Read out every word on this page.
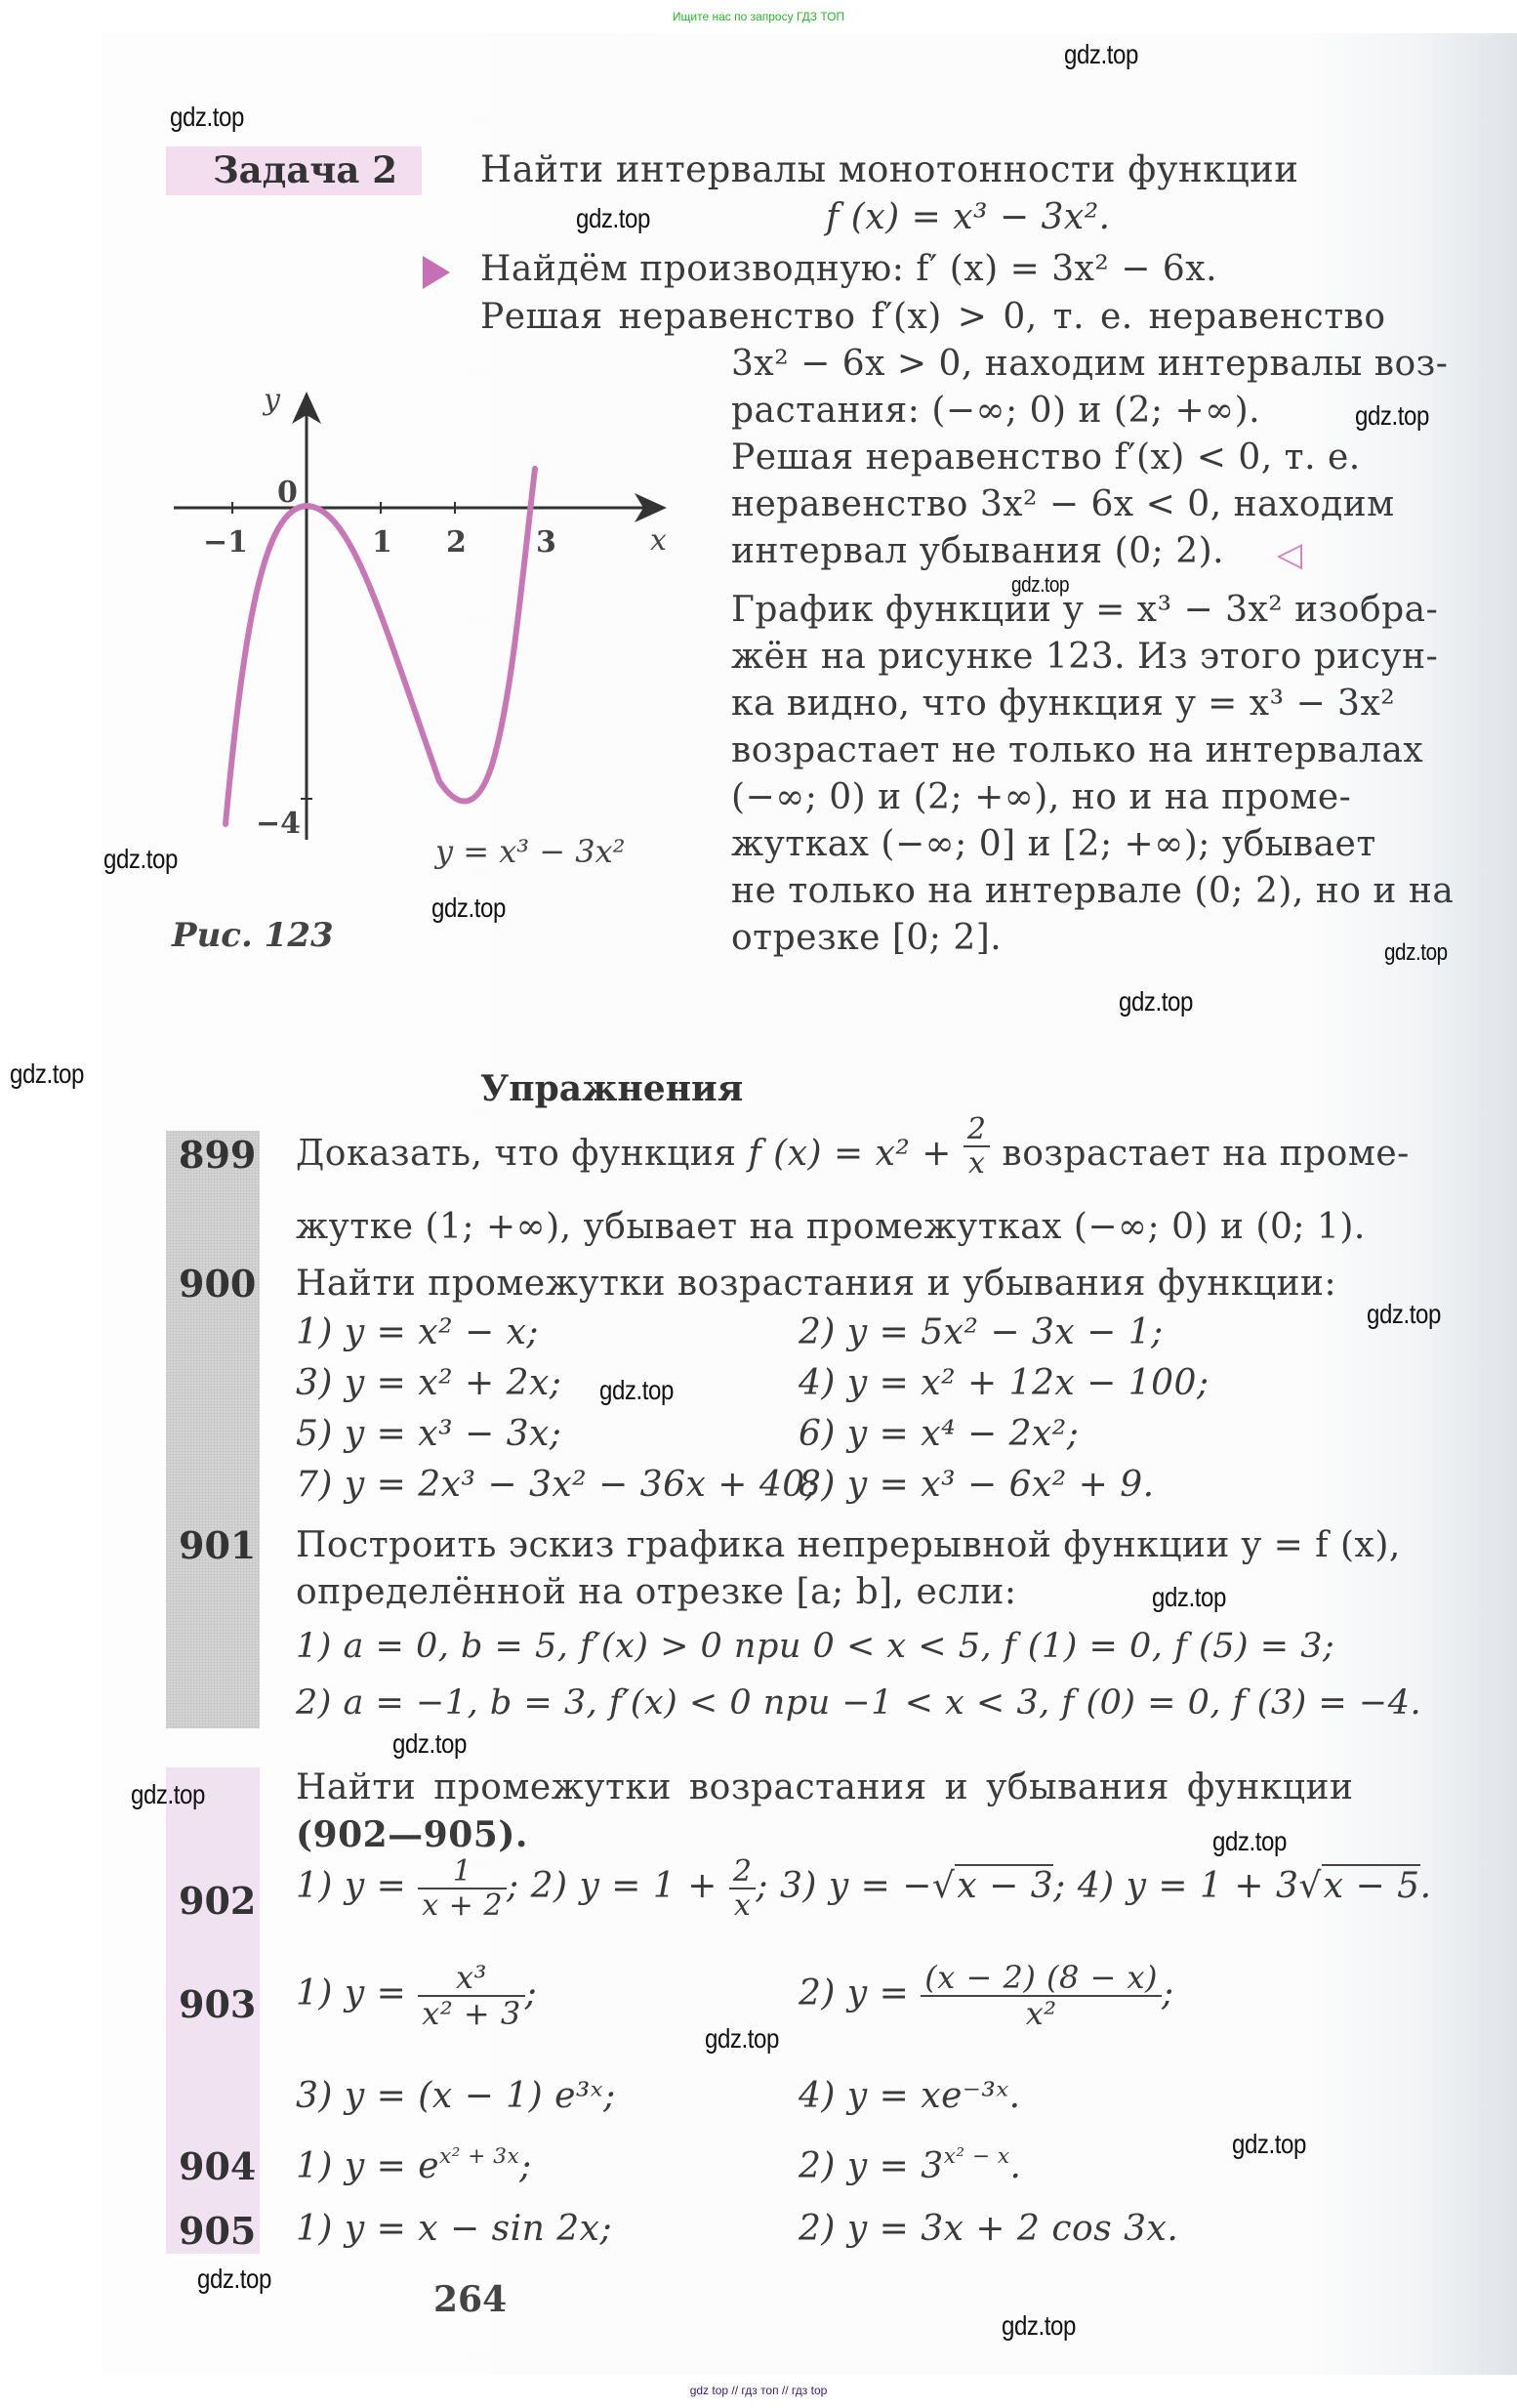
Ищите нас по запросу ГДЗ ТОП
Задача 2 Найти интервалы монотонности функции
f (x) = x³ − 3x².
Найдём производную: f′ (x) = 3x² − 6x.
Решая неравенство f′(x) > 0, т. е. неравенство
3x² − 6x > 0, находим интервалы воз-
растания: (−∞; 0) и (2; +∞).
Решая неравенство f′(x) < 0, т. е.
неравенство 3x² − 6x < 0, находим
интервал убывания (0; 2). ◁
График функции y = x³ − 3x² изобра-
жён на рисунке 123. Из этого рисун-
ка видно, что функция y = x³ − 3x²
возрастает не только на интервалах
(−∞; 0) и (2; +∞), но и на проме-
жутках (−∞; 0] и [2; +∞); убывает
не только на интервале (0; 2), но и на
отрезке [0; 2].
y
0
x
−1	1 2 3
−4
y = x³ − 3x²
Рис. 123
Упражнения
899 Доказать, что функция f $(x) = x^2 + \frac{2}{x}$ возрастает на проме-
жутке (1; +∞), убывает на промежутках (−∞; 0) и (0; 1).
900 Найти промежутки возрастания и убывания функции:
1) y = x² − x;	2) y = 5x² − 3x − 1;
3) y = x² + 2x;	4) y = x² + 12x − 100;
5) y = x³ − 3x;	6) y = x⁴ − 2x²;
7) y = 2x³ − 3x² − 36x + 40;
8) y = x³ − 6x² + 9.
901 Построить эскиз графика непрерывной функции y = f (x),
определённой на отрезке [a; b], если:
1) a = 0, b = 5, f′(x) > 0 при 0 < x < 5, f (1) = 0, f (5) = 3;
2) a = −1, b = 3, f′(x) < 0 при −1 < x < 3, f (0) = 0, f (3) = −4.
Найти промежутки возрастания и убывания функции
(902—905).
902 1) $y = \frac{1}{x + 2}$ ; 2) $y = 1 + \frac{2}{x}$ ; 3) y = −√x − 3; 4) y = 1 + 3√x − 5.
903 1) $y = \frac{\text{x³}}{\text{x² + 3}}$ ;	2) $y = \frac{(x - 2) (8 - x)}{\text{x²}}$ ;
3) y = (x − 1) e³ˣ;	4) y = xe⁻³ˣ.
904 1) $y = e^{x^2 + 3x}$;	2) $y = 3^{x^2 - x}$.
905 1) y = x − sin 2x;	2) y = 3x + 2 cos 3x.
264
gdz.top
gdz.top
gdz.top
gdz.top
gdz.top
gdz.top
gdz.top
gdz.top
gdz.top
gdz.top
gdz.top
gdz.top
gdz.top
gdz.top
gdz.top
gdz.top
gdz.top
gdz.top
gdz.top
gdz.top
gdz top // гдз топ // гдз top
